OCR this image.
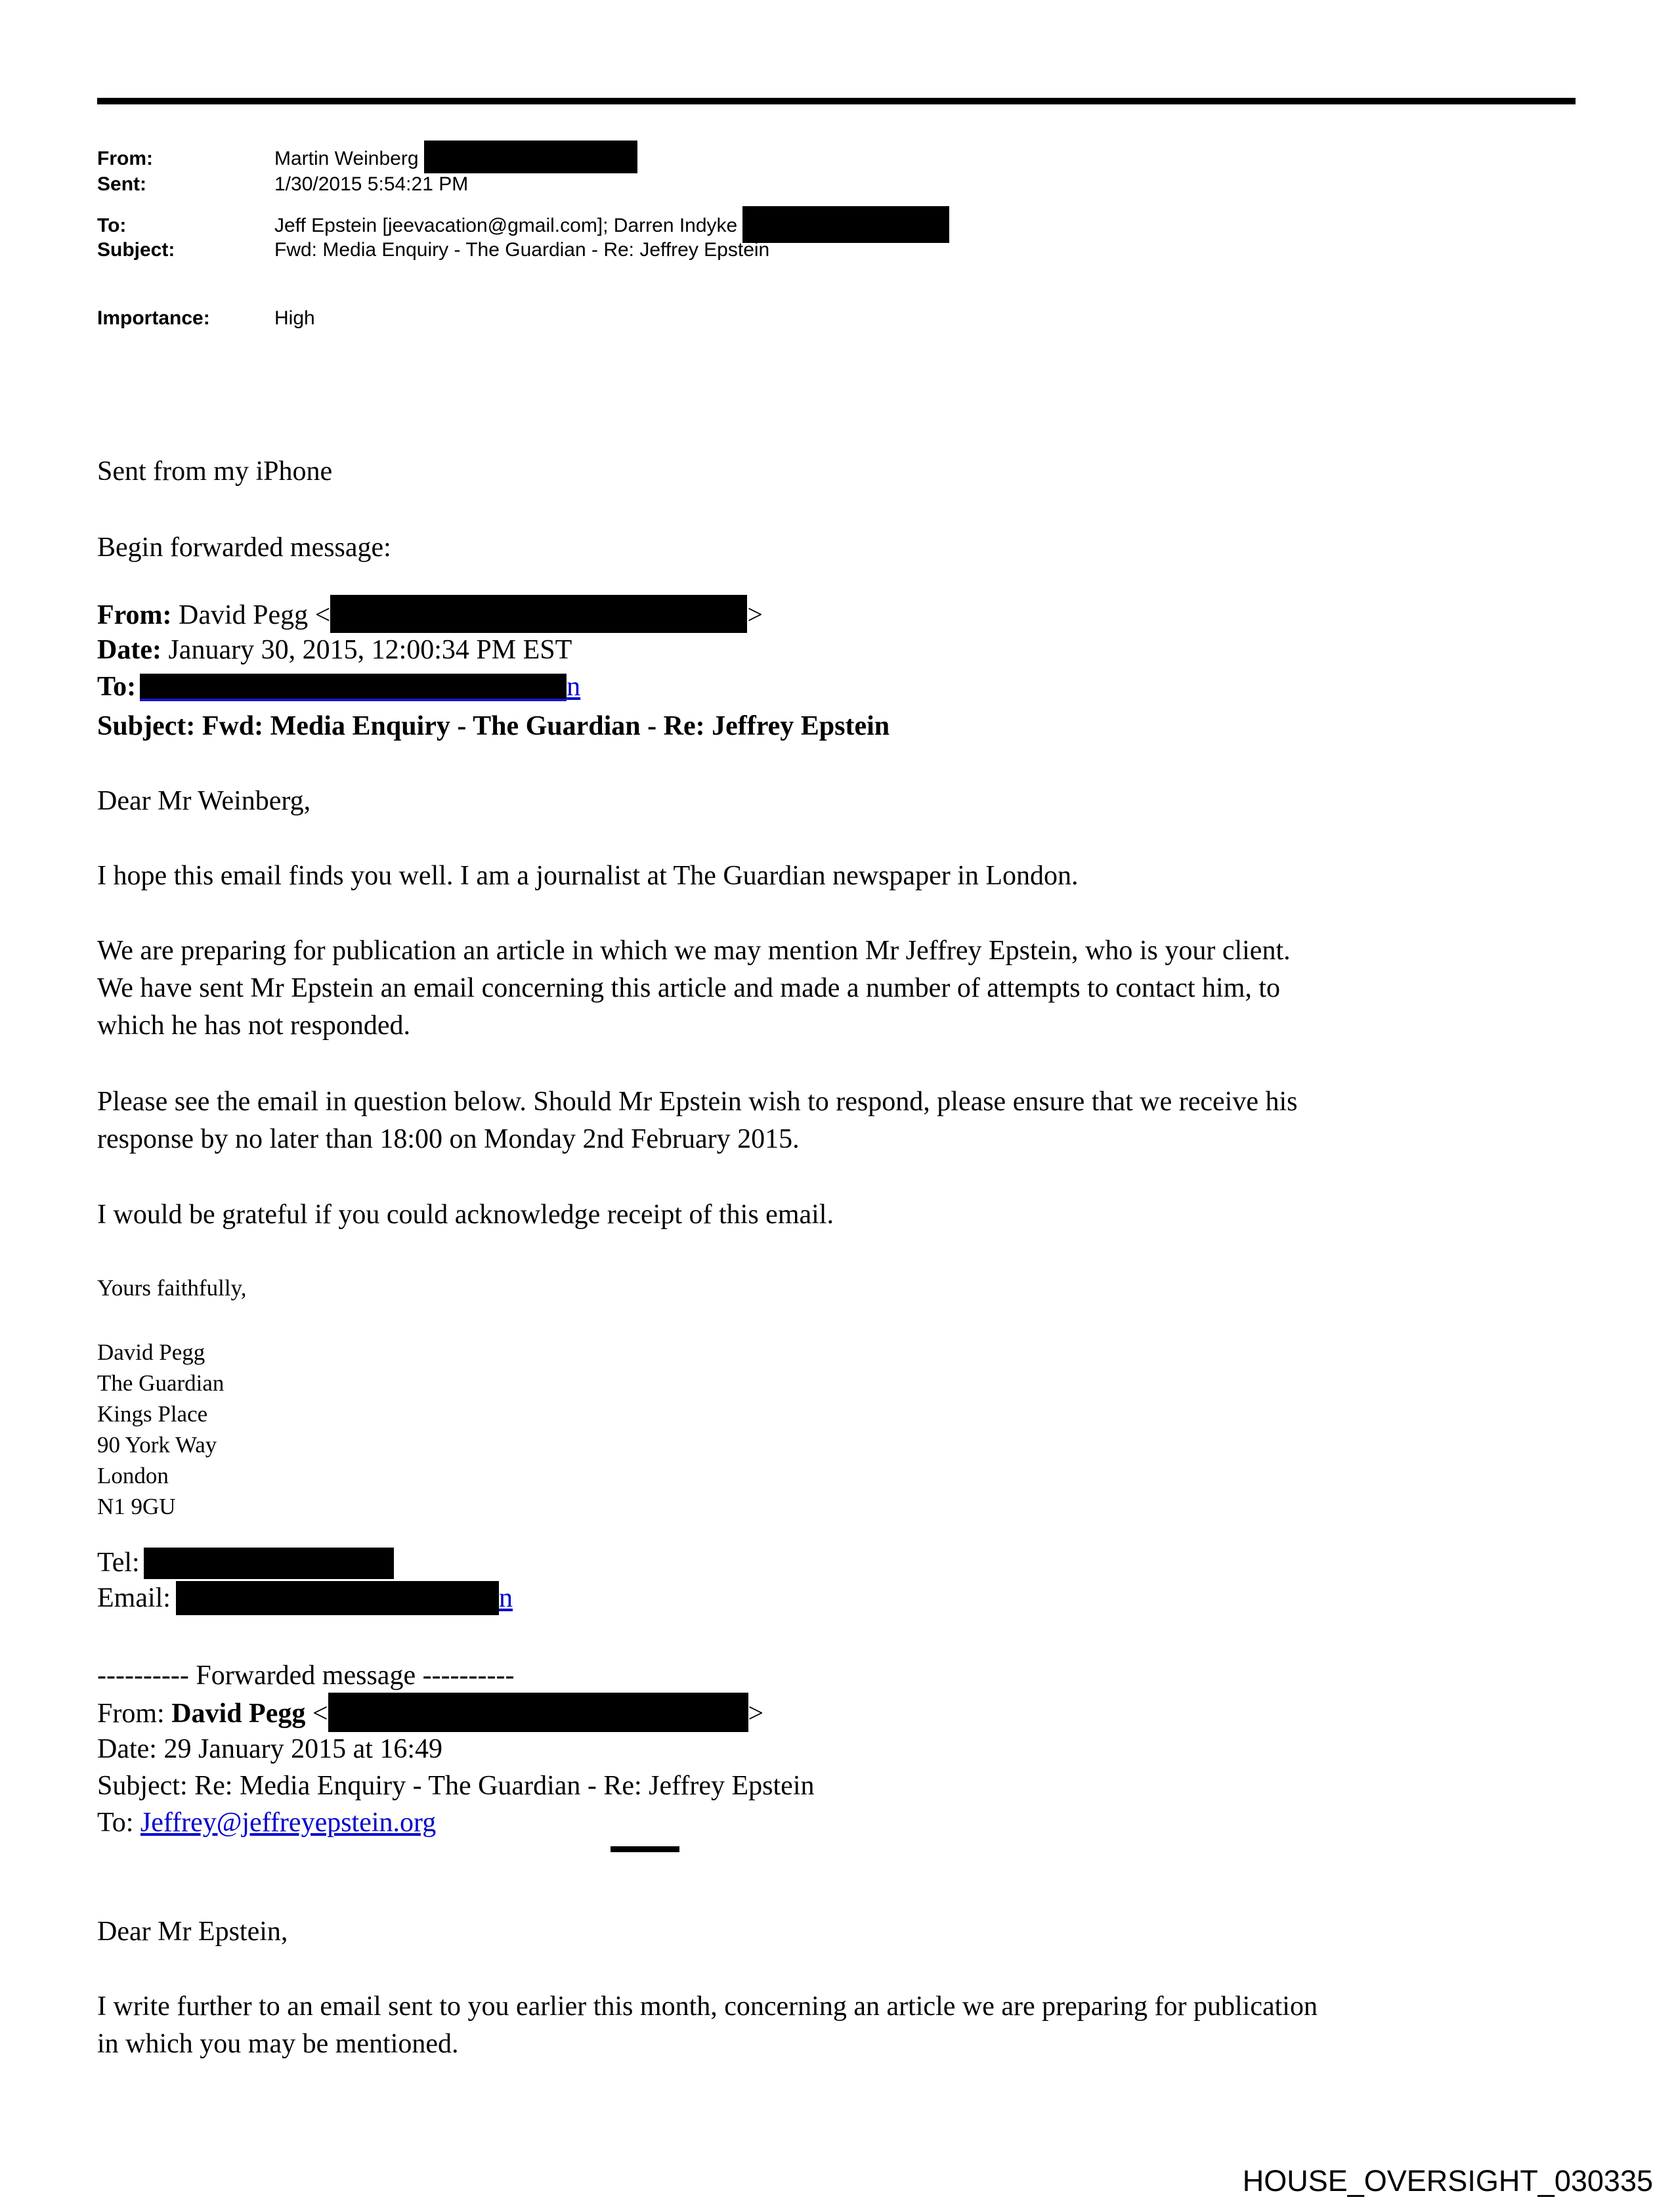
From:	Martin Weinberg
Sent:	1/30/2015 5:54:21 PM
To:	Jeff Epstein [jeevacation@gmail.com]; Darren Indyke
Subject:	Fwd: Media Enquiry - The Guardian - Re: Jeffrey Epstein
Importance:	High
Sent from my iPhone
Begin forwarded message:
From: David Pegg <	>
Date: January 30, 2015, 12:00:34 PM EST
To:	n
Subject: Fwd: Media Enquiry - The Guardian - Re: Jeffrey Epstein
Dear Mr Weinberg,
I hope this email finds you well. I am a journalist at The Guardian newspaper in London.
We are preparing for publication an article in which we may mention Mr Jeffrey Epstein, who is your client.
We have sent Mr Epstein an email concerning this article and made a number of attempts to contact him, to
which he has not responded.
Please see the email in question below. Should Mr Epstein wish to respond, please ensure that we receive his
response by no later than 18:00 on Monday 2nd February 2015.
I would be grateful if you could acknowledge receipt of this email.
Yours faithfully,
David Pegg
The Guardian
Kings Place
90 York Way
London
N1 9GU
Tel:
Email:	n
---------- Forwarded message ----------
From: David Pegg <	>
Date: 29 January 2015 at 16:49
Subject: Re: Media Enquiry - The Guardian - Re: Jeffrey Epstein
To: Jeffrey@jeffreyepstein.org
Dear Mr Epstein,
I write further to an email sent to you earlier this month, concerning an article we are preparing for publication
in which you may be mentioned.
HOUSE_OVERSIGHT_030335
